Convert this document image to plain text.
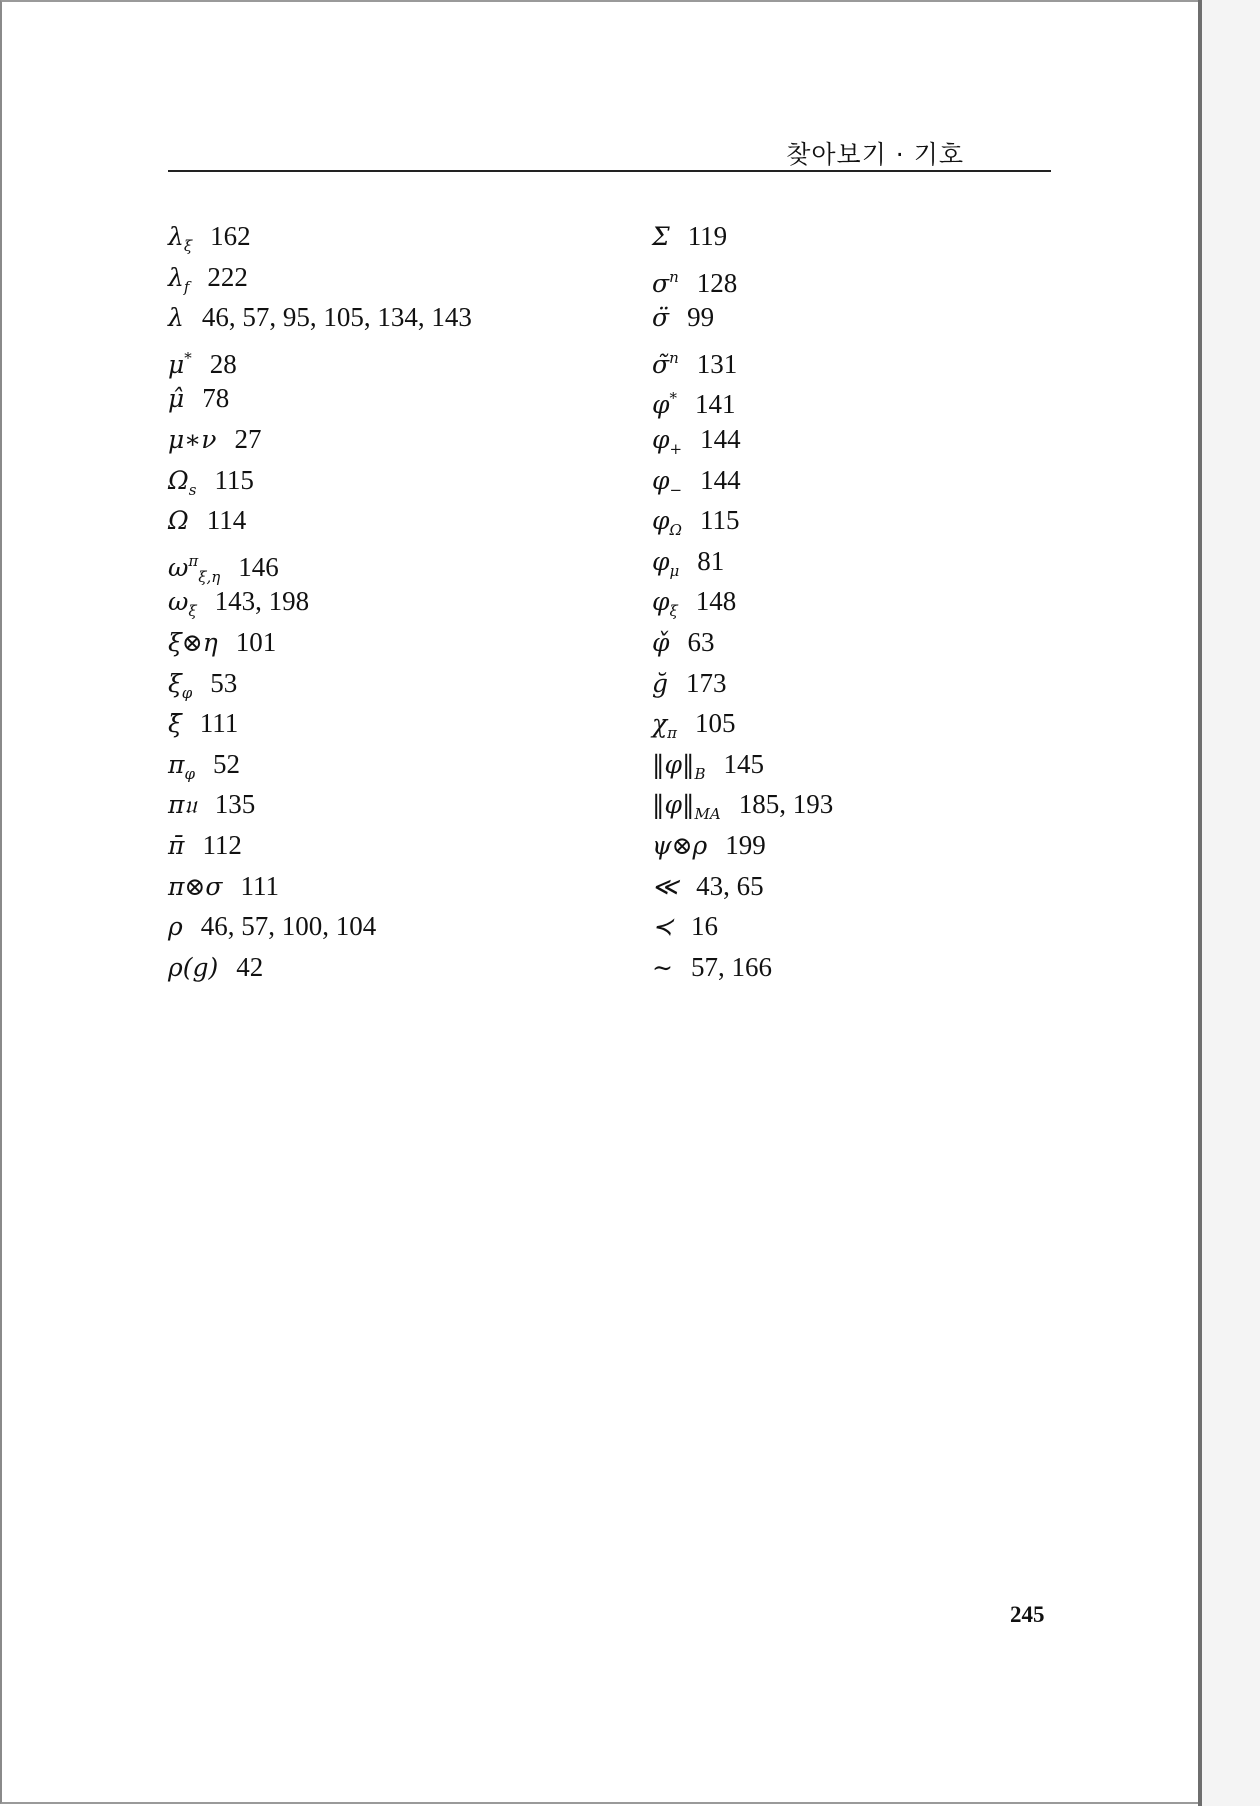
찾아보기 · 기호
$\lambda_\xi$ 162
$\lambda_f$ 222
λ 46, 57, 95, 105, 134, 143
μ* 28
μ̂ 78
μ∗ν 27
$\Omega_s$ 115
Ω 114
$\omega^\pi_{\xi,\eta}$ 146
$\omega_\xi$ 143, 198
ξ⊗η 101
$\xi_\varphi$ 53
ξ̄ 111
$\pi_\varphi$ 52
π𝔲 135
π̄ 112
π⊗σ 111
ρ 46, 57, 100, 104
ρ(g) 42
Σ 119
$\sigma^n$ 128
σ̈ 99
σ̃$^n$ 131
φ* 141
$\varphi_+$ 144
$\varphi_-$ 144
$\varphi_\Omega$ 115
$\varphi_\mu$ 81
$\varphi_\xi$ 148
φ̌ 63
ğ 173
$\chi_\pi$ 105
$‖\varphi‖_B$ 145
$‖\varphi‖_{MA}$ 185, 193
ψ⊗ρ 199
≪ 43, 65
≺ 16
∼ 57, 166
245
